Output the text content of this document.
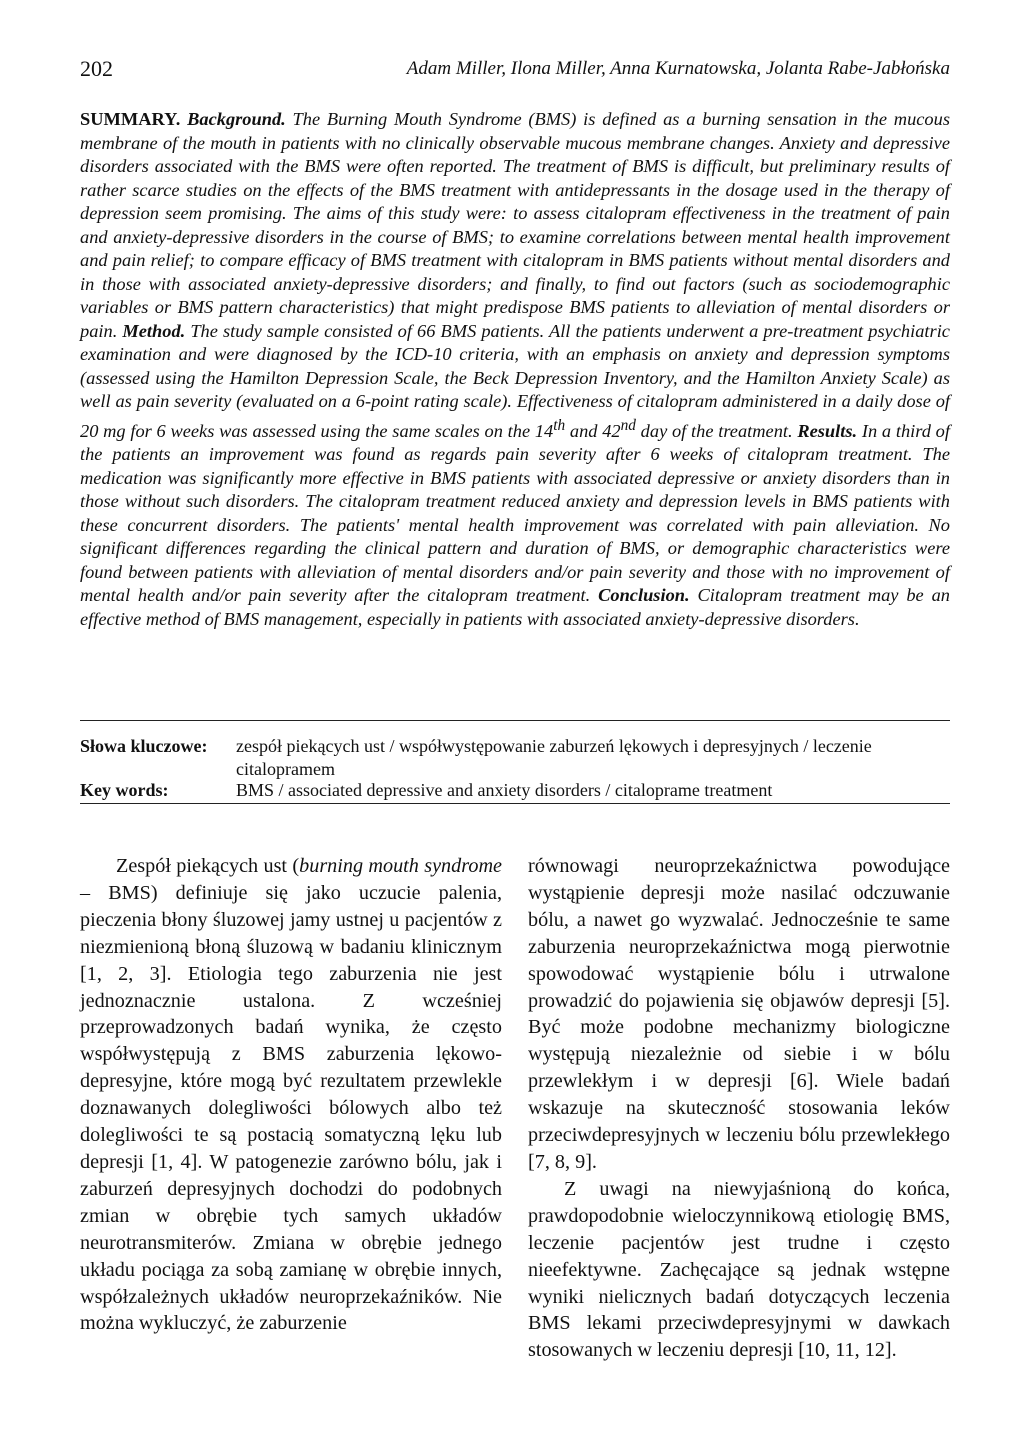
202	Adam Miller, Ilona Miller, Anna Kurnatowska, Jolanta Rabe-Jabłońska
SUMMARY. Background. The Burning Mouth Syndrome (BMS) is defined as a burning sensation in the mucous membrane of the mouth in patients with no clinically observable mucous membrane changes. Anxiety and depressive disorders associated with the BMS were often reported. The treatment of BMS is difficult, but preliminary results of rather scarce studies on the effects of the BMS treatment with antidepressants in the dosage used in the therapy of depression seem promising. The aims of this study were: to assess citalopram effectiveness in the treatment of pain and anxiety-depressive disorders in the course of BMS; to examine correlations between mental health improvement and pain relief; to compare efficacy of BMS treatment with citalopram in BMS patients without mental disorders and in those with associated anxiety-depressive disorders; and finally, to find out factors (such as sociodemographic variables or BMS pattern characteristics) that might predispose BMS patients to alleviation of mental disorders or pain. Method. The study sample consisted of 66 BMS patients. All the patients underwent a pre-treatment psychiatric examination and were diagnosed by the ICD-10 criteria, with an emphasis on anxiety and depression symptoms (assessed using the Hamilton Depression Scale, the Beck Depression Inventory, and the Hamilton Anxiety Scale) as well as pain severity (evaluated on a 6-point rating scale). Effectiveness of citalopram administered in a daily dose of 20 mg for 6 weeks was assessed using the same scales on the 14th and 42nd day of the treatment. Results. In a third of the patients an improvement was found as regards pain severity after 6 weeks of citalopram treatment. The medication was significantly more effective in BMS patients with associated depressive or anxiety disorders than in those without such disorders. The citalopram treatment reduced anxiety and depression levels in BMS patients with these concurrent disorders. The patients' mental health improvement was correlated with pain alleviation. No significant differences regarding the clinical pattern and duration of BMS, or demographic characteristics were found between patients with alleviation of mental disorders and/or pain severity and those with no improvement of mental health and/or pain severity after the citalopram treatment. Conclusion. Citalopram treatment may be an effective method of BMS management, especially in patients with associated anxiety-depressive disorders.
Słowa kluczowe: zespół piekących ust / współwystępowanie zaburzeń lękowych i depresyjnych / leczenie citalopramem
Key words:	BMS / associated depressive and anxiety disorders / citaloprame treatment

Zespół piekących ust (burning mouth syndrome – BMS) definiuje się jako uczucie palenia, pieczenia błony śluzowej jamy ustnej u pacjentów z niezmienioną błoną śluzową w badaniu klinicznym [1, 2, 3]. Etiologia tego zaburzenia nie jest jednoznacznie ustalona. Z wcześniej przeprowadzonych badań wynika, że często współwystępują z BMS zaburzenia lękowo-depresyjne, które mogą być rezultatem przewlekle doznawanych dolegliwości bólowych albo też dolegliwości te są postacią somatyczną lęku lub depresji [1, 4]. W patogenezie zarówno bólu, jak i zaburzeń depresyjnych dochodzi do podobnych zmian w obrębie tych samych układów neurotransmiterów. Zmiana w obrębie jednego układu pociąga za sobą zamianę w obrębie innych, współzależnych układów neuroprzekaźników. Nie można wykluczyć, że zaburzenie

równowagi neuroprzekaźnictwa powodujące wystąpienie depresji może nasilać odczuwanie bólu, a nawet go wyzwalać. Jednocześnie te same zaburzenia neuroprzekaźnictwa mogą pierwotnie spowodować wystąpienie bólu i utrwalone prowadzić do pojawienia się objawów depresji [5]. Być może podobne mechanizmy biologiczne występują niezależnie od siebie i w bólu przewlekłym i w depresji [6]. Wiele badań wskazuje na skuteczność stosowania leków przeciwdepresyjnych w leczeniu bólu przewlekłego [7, 8, 9].

Z uwagi na niewyjaśnioną do końca, prawdopodobnie wieloczynnikową etiologię BMS, leczenie pacjentów jest trudne i często nieefektywne. Zachęcające są jednak wstępne wyniki nielicznych badań dotyczących leczenia BMS lekami przeciwdepresyjnymi w dawkach stosowanych w leczeniu depresji [10, 11, 12].
